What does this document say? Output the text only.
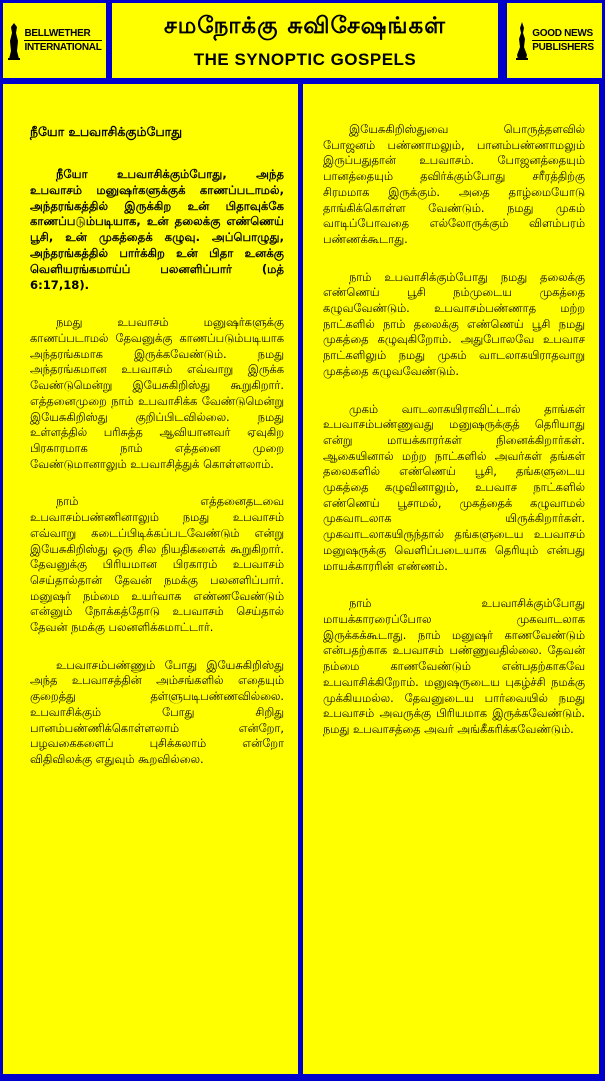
BELLWETHER
INTERNATIONAL
சமநோக்கு சுவிசேஷங்கள்
THE SYNOPTIC GOSPELS
GOOD NEWS
PUBLISHERS
நீயோ உபவாசிக்கும்போது

நீயோ உபவாசிக்கும்போது, அந்த உபவாசம் மனுஷர்களுக்குக் காணப்படாமல், அந்தரங்கத்தில் இருக்கிற உன் பிதாவுக்கே காணப்படும்படியாக, உன் தலைக்கு எண்ணெய் பூசி, உன் முகத்தைக் கழுவு. அப்பொழுது, அந்தரங்கத்தில் பார்க்கிற உன் பிதா உனக்கு வெளியரங்கமாய்ப் பலனளிப்பார் (மத் 6:17,18).

நமது உபவாசம் மனுஷர்களுக்கு காணப்படாமல் தேவனுக்கு காணப்படும்படியாக அந்தரங்கமாக இருக்கவேண்டும். நமது அந்தரங்கமான உபவாசம் எவ்வாறு இருக்க வேண்டுமென்று இயேசுகிறிஸ்து கூறுகிறார். எத்தனைமுறை நாம் உபவாசிக்க வேண்டுமென்று இயேசுகிறிஸ்து குறிப்பிடவில்லை. நமது உள்ளத்தில் பரிசுத்த ஆவியானவர் ஏவுகிற பிரகாரமாக நாம் எத்தனை முறை வேண்டுமானாலும் உபவாசித்துக் கொள்ளலாம்.

நாம் எத்தனைதடவை உபவாசம்பண்ணினாலும் நமது உபவாசம் எவ்வாறு கடைப்பிடிக்கப்படவேண்டும் என்று இயேசுகிறிஸ்து ஒரு சில நியதிகளைக் கூறுகிறார். தேவனுக்கு பிரியமான பிரகாரம் உபவாசம் செய்தால்தான் தேவன் நமக்கு பலனளிப்பார். மனுஷர் நம்மை உயர்வாக எண்ணவேண்டும் என்னும் நோக்கத்தோடு உபவாசம் செய்தால் தேவன் நமக்கு பலனளிக்கமாட்டார்.

உபவாசம்பண்ணும் போது இயேசுகிறிஸ்து அந்த உபவாசத்தின் அம்சங்களில் எதையும் குறைத்து தள்ளுபடிபண்ணவில்லை. உபவாசிக்கும் போது சிறிது பானம்பண்ணிக்கொள்ளலாம் என்றோ, பழவகைகளைப் புசிக்கலாம் என்றோ விதிவிலக்கு எதுவும் கூறவில்லை.

இயேசுகிறிஸ்துவை பொருத்தளவில் போஜனம் பண்ணாமலும், பானம்பண்ணாமலும் இருப்பதுதான் உபவாசம். போஜனத்தையும் பானத்தையும் தவிர்க்கும்போது சரீரத்திற்கு சிரமமாக இருக்கும். அதை தாழ்மையோடு தாங்கிக்கொள்ள வேண்டும். நமது முகம் வாடிப்போவதை எல்லோருக்கும் விளம்பரம் பண்ணக்கூடாது.

நாம் உபவாசிக்கும்போது நமது தலைக்கு எண்ணெய் பூசி நம்முடைய முகத்தை கழுவவேண்டும். உபவாசம்பண்ணாத மற்ற நாட்களில் நாம் தலைக்கு எண்ணெய் பூசி நமது முகத்தை கழுவுகிறோம். அதுபோலவே உபவாச நாட்களிலும் நமது முகம் வாடலாகயிராதவாறு முகத்தை கழுவவேண்டும்.

முகம் வாடலாகயிராவிட்டால் தாங்கள் உபவாசம்பண்ணுவது மனுஷருக்குத் தெரியாது என்று மாயக்காரர்கள் நினைக்கிறார்கள். ஆகையினால் மற்ற நாட்களில் அவர்கள் தங்கள் தலைகளில் எண்ணெய் பூசி, தங்களுடைய முகத்தை கழுவினாலும், உபவாச நாட்களில் எண்ணெய் பூசாமல், முகத்தைக் கழுவாமல் முகவாடலாக யிருக்கிறார்கள். முகவாடலாகயிருந்தால் தங்களுடைய உபவாசம் மனுஷருக்கு வெளிப்படையாக தெரியும் என்பது மாயக்காரரின் எண்ணம்.

நாம் உபவாசிக்கும்போது மாயக்காரரைப்போல முகவாடலாக இருக்கக்கூடாது. நாம் மனுஷர் காணவேண்டும் என்பதற்காக உபவாசம் பண்ணுவதில்லை. தேவன் நம்மை காணவேண்டும் என்பதற்காகவே உபவாசிக்கிறோம். மனுஷருடைய புகழ்ச்சி நமக்கு முக்கியமல்ல. தேவனுடைய பார்வையில் நமது உபவாசம் அவருக்கு பிரியமாக இருக்கவேண்டும். நமது உபவாசத்தை அவர் அங்கீகரிக்கவேண்டும்.
